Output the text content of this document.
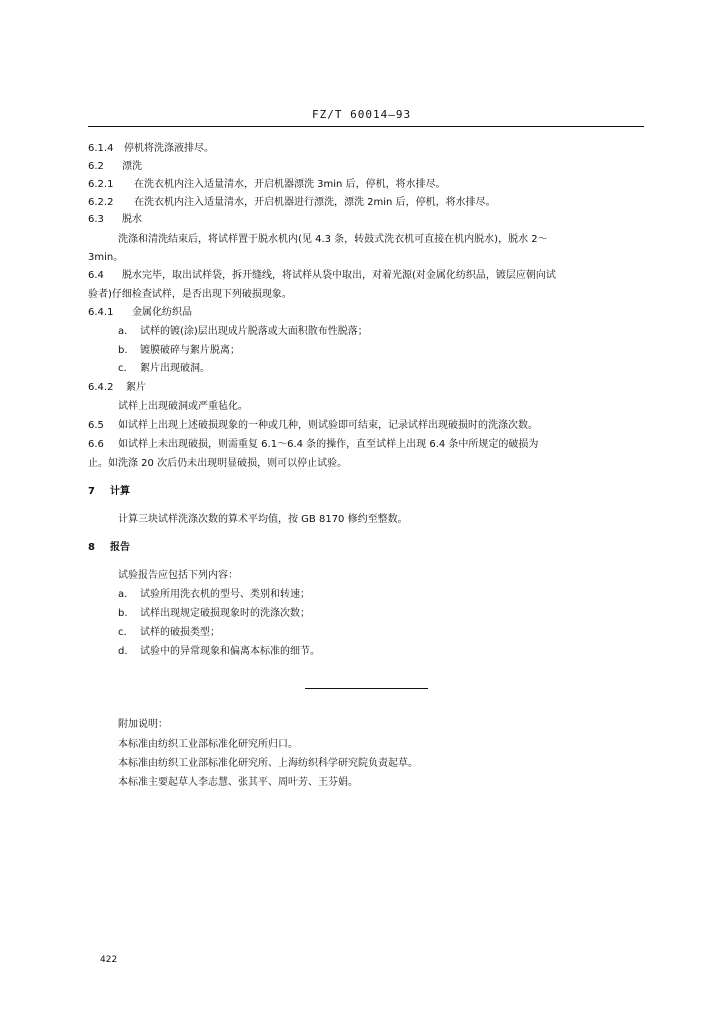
FZ/T 60014—93
6.1.4 停机将洗涤液排尽。
6.2 漂洗
6.2.1 在洗衣机内注入适量清水，开启机器漂洗 3min 后，停机，将水排尽。
6.2.2 在洗衣机内注入适量清水，开启机器进行漂洗，漂洗 2min 后，停机，将水排尽。
6.3 脱水
洗涤和清洗结束后，将试样置于脱水机内(见 4.3 条，转鼓式洗衣机可直接在机内脱水)，脱水 2～
3min。
6.4 脱水完毕，取出试样袋，拆开缝线，将试样从袋中取出，对着光源(对金属化纺织品，镀层应朝向试
验者)仔细检查试样，是否出现下列破损现象。
6.4.1 金属化纺织品
a. 试样的镀(涂)层出现成片脱落或大面积散布性脱落；
b. 镀膜破碎与絮片脱离；
c. 絮片出现破洞。
6.4.2 絮片
试样上出现破洞或严重毡化。
6.5 如试样上出现上述破损现象的一种或几种，则试验即可结束，记录试样出现破损时的洗涤次数。
6.6 如试样上未出现破损，则需重复 6.1～6.4 条的操作，直至试样上出现 6.4 条中所规定的破损为
止。如洗涤 20 次后仍未出现明显破损，则可以停止试验。
7 计算
计算三块试样洗涤次数的算术平均值，按 GB 8170 修约至整数。
8 报告
试验报告应包括下列内容：
a. 试验所用洗衣机的型号、类别和转速；
b. 试样出现规定破损现象时的洗涤次数；
c. 试样的破损类型；
d. 试验中的异常现象和偏离本标准的细节。
附加说明：
本标准由纺织工业部标准化研究所归口。
本标准由纺织工业部标准化研究所、上海纺织科学研究院负责起草。
本标准主要起草人李志慧、张其平、周叶芳、王芬娟。
422
